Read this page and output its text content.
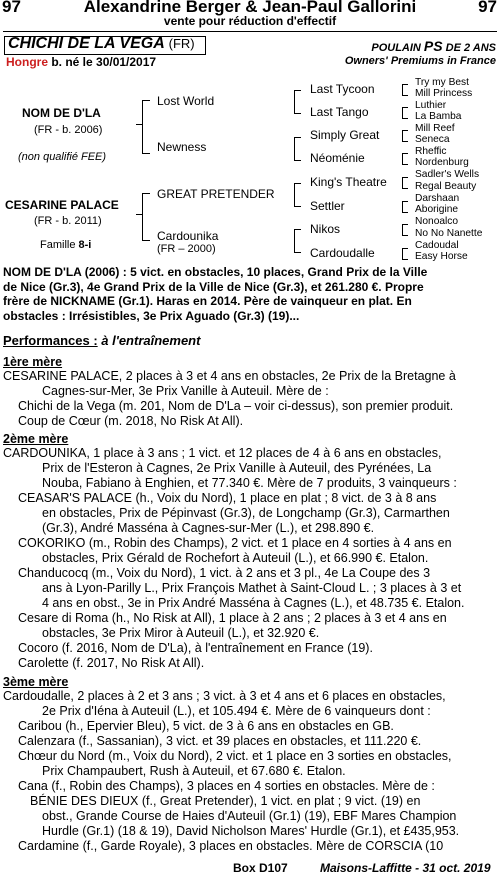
97	Alexandrine Berger & Jean-Paul Gallorini	97
vente pour réduction d'effectif
CHICHI DE LA VEGA (FR)
Hongre b. né le 30/01/2017
POULAIN PS DE 2 ANS
Owners' Premiums in France
NOM DE D'LA
(FR - b. 2006)
(non qualifié FEE)
CESARINE PALACE
(FR - b. 2011)
Famille 8-i
Lost World
Newness
GREAT PRETENDER
Cardounika
(FR – 2000)
Last Tycoon
Last Tango
Simply Great
Néoménie
King's Theatre
Settler
Nikos
Cardoudalle
Try my Best
Mill Princess
Luthier
La Bamba
Mill Reef
Seneca
Rheffic
Nordenburg
Sadler's Wells
Regal Beauty
Darshaan
Aborigine
Nonoalco
No No Nanette
Cadoudal
Easy Horse
NOM DE D'LA (2006) : 5 vict. en obstacles, 10 places, Grand Prix de la Ville
de Nice (Gr.3), 4e Grand Prix de la Ville de Nice (Gr.3), et 261.280 €. Propre
frère de NICKNAME (Gr.1). Haras en 2014. Père de vainqueur en plat. En
obstacles : Irrésistibles, 3e Prix Aguado (Gr.3) (19)...
Performances : à l'entraînement
1ère mère
CESARINE PALACE, 2 places à 3 et 4 ans en obstacles, 2e Prix de la Bretagne à
Cagnes-sur-Mer, 3e Prix Vanille à Auteuil. Mère de :
Chichi de la Vega (m. 201, Nom de D'La – voir ci-dessus), son premier produit.
Coup de Cœur (m. 2018, No Risk At All).
2ème mère
CARDOUNIKA, 1 place à 3 ans ; 1 vict. et 12 places de 4 à 6 ans en obstacles,
Prix de l'Esteron à Cagnes, 2e Prix Vanille à Auteuil, des Pyrénées, La
Nouba, Fabiano à Enghien, et 77.340 €. Mère de 7 produits, 3 vainqueurs :
CEASAR'S PALACE (h., Voix du Nord), 1 place en plat ; 8 vict. de 3 à 8 ans
en obstacles, Prix de Pépinvast (Gr.3), de Longchamp (Gr.3), Carmarthen
(Gr.3), André Masséna à Cagnes-sur-Mer (L.), et 298.890 €.
COKORIKO (m., Robin des Champs), 2 vict. et 1 place en 4 sorties à 4 ans en
obstacles, Prix Gérald de Rochefort à Auteuil (L.), et 66.990 €. Etalon.
Chanducocq (m., Voix du Nord), 1 vict. à 2 ans et 3 pl., 4e La Coupe des 3
ans à Lyon-Parilly L., Prix François Mathet à Saint-Cloud L. ; 3 places à 3 et
4 ans en obst., 3e in Prix André Masséna à Cagnes (L.), et 48.735 €. Etalon.
Cesare di Roma (h., No Risk at All), 1 place à 2 ans ; 2 places à 3 et 4 ans en
obstacles, 3e Prix Miror à Auteuil (L.), et 32.920 €.
Cocoro (f. 2016, Nom de D'La), à l'entraînement en France (19).
Carolette (f. 2017, No Risk At All).
3ème mère
Cardoudalle, 2 places à 2 et 3 ans ; 3 vict. à 3 et 4 ans et 6 places en obstacles,
2e Prix d'Iéna à Auteuil (L.), et 105.494 €. Mère de 6 vainqueurs dont :
Caribou (h., Epervier Bleu), 5 vict. de 3 à 6 ans en obstacles en GB.
Calenzara (f., Sassanian), 3 vict. et 39 places en obstacles, et 111.220 €.
Chœur du Nord (m., Voix du Nord), 2 vict. et 1 place en 3 sorties en obstacles,
Prix Champaubert, Rush à Auteuil, et 67.680 €. Etalon.
Cana (f., Robin des Champs), 3 places en 4 sorties en obstacles. Mère de :
BÉNIE DES DIEUX (f., Great Pretender), 1 vict. en plat ; 9 vict. (19) en
obst., Grande Course de Haies d'Auteuil (Gr.1) (19), EBF Mares Champion
Hurdle (Gr.1) (18 & 19), David Nicholson Mares' Hurdle (Gr.1), et £435,953.
Cardamine (f., Garde Royale), 3 places en obstacles. Mère de CORSCIA (10
Box D107	Maisons-Laffitte - 31 oct. 2019
